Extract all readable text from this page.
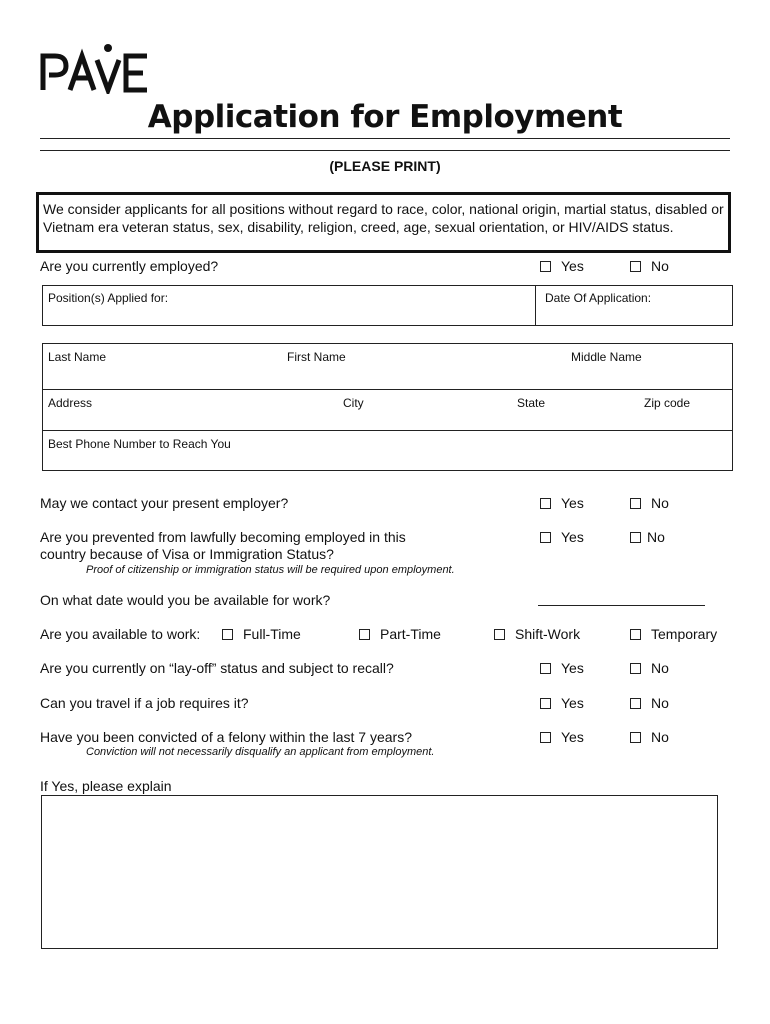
Application for Employment
(PLEASE PRINT)
We consider applicants for all positions without regard to race, color, national origin, martial status, disabled or Vietnam era veteran status, sex, disability, religion, creed, age, sexual orientation, or HIV/AIDS status.
Are you currently employed?	Yes	No
Position(s) Applied for:	Date Of Application:
Last Name	First Name	Middle Name
Address	City	State	Zip code
Best Phone Number to Reach You
May we contact your present employer?	Yes	No
Are you prevented from lawfully becoming employed in this
country because of Visa or Immigration Status?
Proof of citizenship or immigration status will be required upon employment.
Yes	No
On what date would you be available for work?
Are you available to work:	Full-Time	Part-Time	Shift-Work	Temporary
Are you currently on “lay-off” status and subject to recall?	Yes	No
Can you travel if a job requires it?	Yes	No
Have you been convicted of a felony within the last 7 years?
Conviction will not necessarily disqualify an applicant from employment.
Yes	No
If Yes, please explain
